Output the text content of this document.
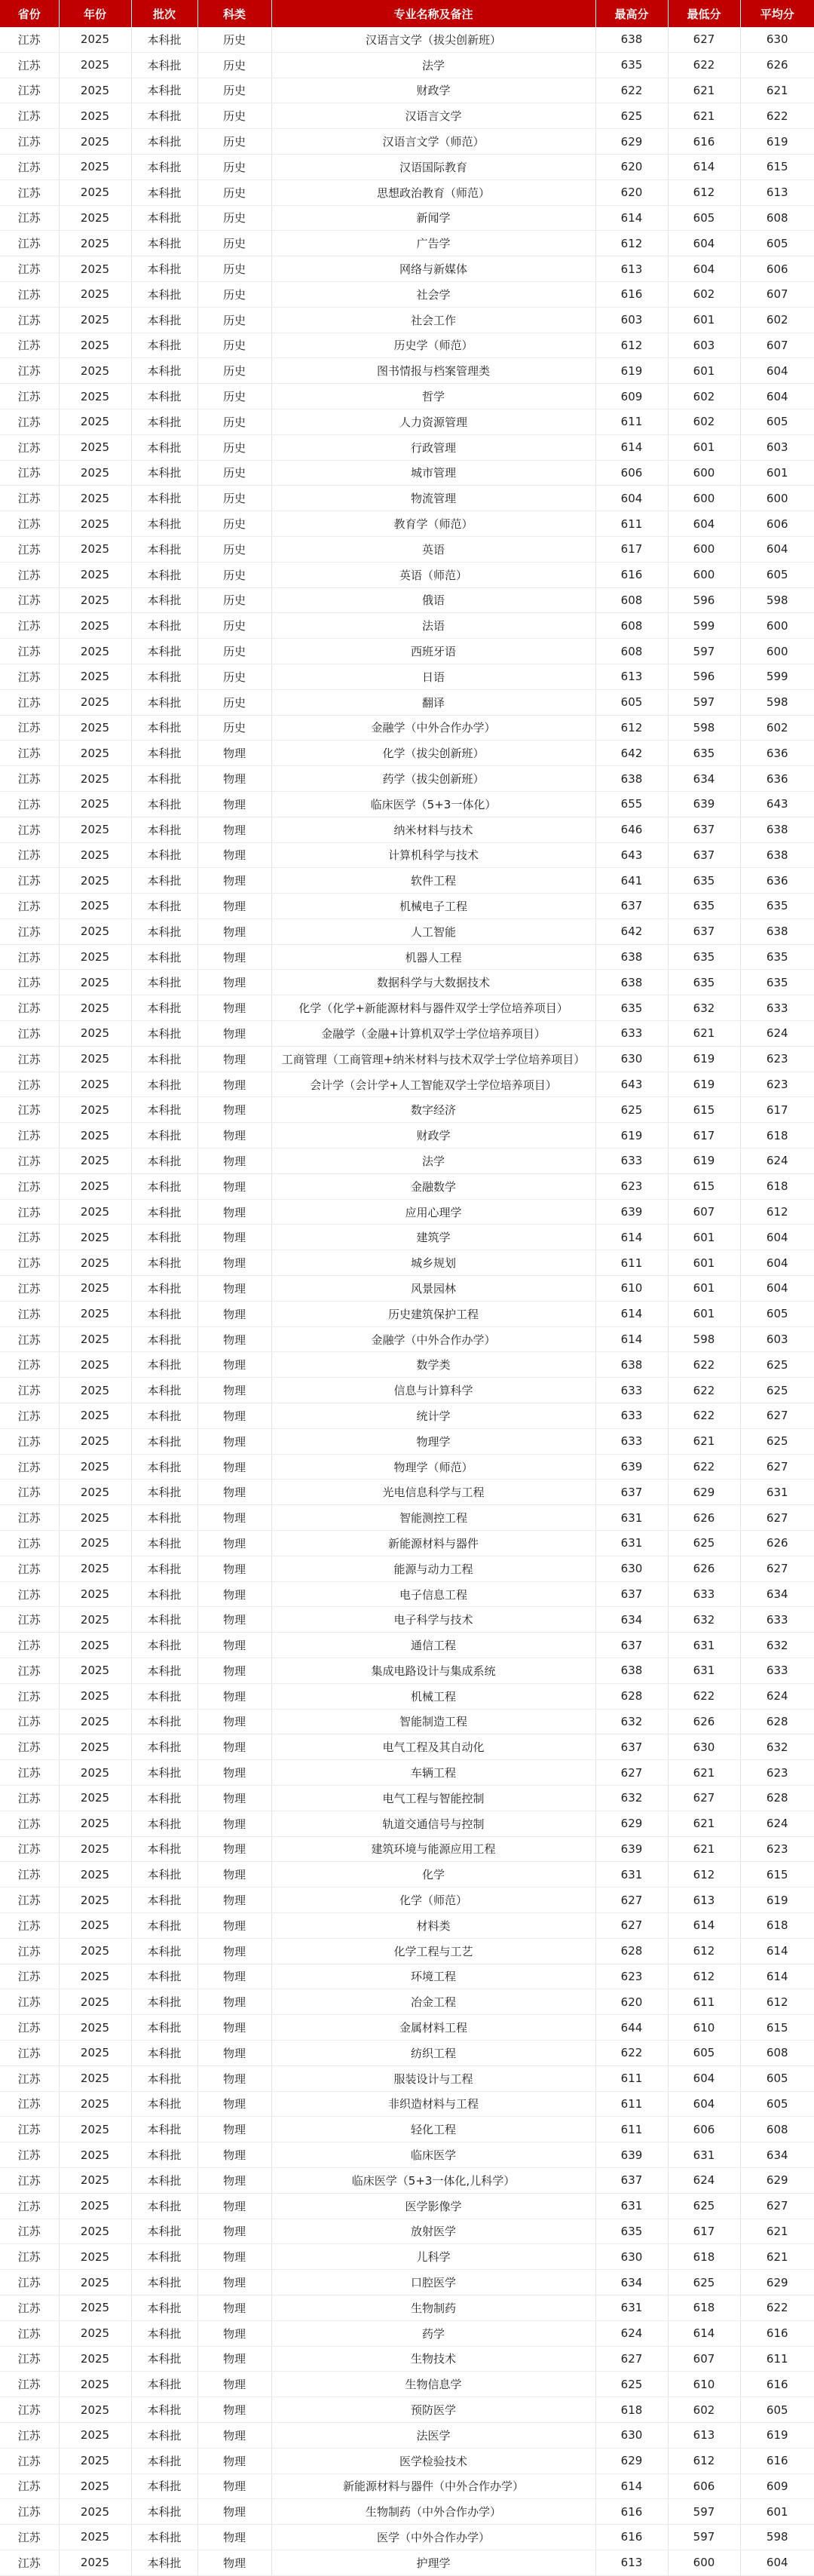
省份	年份	批次	科类	专业名称及备注	最高分	最低分	平均分
江苏	2025	本科批	历史	汉语言文学（拔尖创新班）	638	627	630
江苏	2025	本科批	历史	法学	635	622	626
江苏	2025	本科批	历史	财政学	622	621	621
江苏	2025	本科批	历史	汉语言文学	625	621	622
江苏	2025	本科批	历史	汉语言文学（师范）	629	616	619
江苏	2025	本科批	历史	汉语国际教育	620	614	615
江苏	2025	本科批	历史	思想政治教育（师范）	620	612	613
江苏	2025	本科批	历史	新闻学	614	605	608
江苏	2025	本科批	历史	广告学	612	604	605
江苏	2025	本科批	历史	网络与新媒体	613	604	606
江苏	2025	本科批	历史	社会学	616	602	607
江苏	2025	本科批	历史	社会工作	603	601	602
江苏	2025	本科批	历史	历史学（师范）	612	603	607
江苏	2025	本科批	历史	图书情报与档案管理类	619	601	604
江苏	2025	本科批	历史	哲学	609	602	604
江苏	2025	本科批	历史	人力资源管理	611	602	605
江苏	2025	本科批	历史	行政管理	614	601	603
江苏	2025	本科批	历史	城市管理	606	600	601
江苏	2025	本科批	历史	物流管理	604	600	600
江苏	2025	本科批	历史	教育学（师范）	611	604	606
江苏	2025	本科批	历史	英语	617	600	604
江苏	2025	本科批	历史	英语（师范）	616	600	605
江苏	2025	本科批	历史	俄语	608	596	598
江苏	2025	本科批	历史	法语	608	599	600
江苏	2025	本科批	历史	西班牙语	608	597	600
江苏	2025	本科批	历史	日语	613	596	599
江苏	2025	本科批	历史	翻译	605	597	598
江苏	2025	本科批	历史	金融学（中外合作办学）	612	598	602
江苏	2025	本科批	物理	化学（拔尖创新班）	642	635	636
江苏	2025	本科批	物理	药学（拔尖创新班）	638	634	636
江苏	2025	本科批	物理	临床医学（5+3一体化）	655	639	643
江苏	2025	本科批	物理	纳米材料与技术	646	637	638
江苏	2025	本科批	物理	计算机科学与技术	643	637	638
江苏	2025	本科批	物理	软件工程	641	635	636
江苏	2025	本科批	物理	机械电子工程	637	635	635
江苏	2025	本科批	物理	人工智能	642	637	638
江苏	2025	本科批	物理	机器人工程	638	635	635
江苏	2025	本科批	物理	数据科学与大数据技术	638	635	635
江苏	2025	本科批	物理	化学（化学+新能源材料与器件双学士学位培养项目）	635	632	633
江苏	2025	本科批	物理	金融学（金融+计算机双学士学位培养项目）	633	621	624
江苏	2025	本科批	物理	工商管理（工商管理+纳米材料与技术双学士学位培养项目）	630	619	623
江苏	2025	本科批	物理	会计学（会计学+人工智能双学士学位培养项目）	643	619	623
江苏	2025	本科批	物理	数字经济	625	615	617
江苏	2025	本科批	物理	财政学	619	617	618
江苏	2025	本科批	物理	法学	633	619	624
江苏	2025	本科批	物理	金融数学	623	615	618
江苏	2025	本科批	物理	应用心理学	639	607	612
江苏	2025	本科批	物理	建筑学	614	601	604
江苏	2025	本科批	物理	城乡规划	611	601	604
江苏	2025	本科批	物理	风景园林	610	601	604
江苏	2025	本科批	物理	历史建筑保护工程	614	601	605
江苏	2025	本科批	物理	金融学（中外合作办学）	614	598	603
江苏	2025	本科批	物理	数学类	638	622	625
江苏	2025	本科批	物理	信息与计算科学	633	622	625
江苏	2025	本科批	物理	统计学	633	622	627
江苏	2025	本科批	物理	物理学	633	621	625
江苏	2025	本科批	物理	物理学（师范）	639	622	627
江苏	2025	本科批	物理	光电信息科学与工程	637	629	631
江苏	2025	本科批	物理	智能测控工程	631	626	627
江苏	2025	本科批	物理	新能源材料与器件	631	625	626
江苏	2025	本科批	物理	能源与动力工程	630	626	627
江苏	2025	本科批	物理	电子信息工程	637	633	634
江苏	2025	本科批	物理	电子科学与技术	634	632	633
江苏	2025	本科批	物理	通信工程	637	631	632
江苏	2025	本科批	物理	集成电路设计与集成系统	638	631	633
江苏	2025	本科批	物理	机械工程	628	622	624
江苏	2025	本科批	物理	智能制造工程	632	626	628
江苏	2025	本科批	物理	电气工程及其自动化	637	630	632
江苏	2025	本科批	物理	车辆工程	627	621	623
江苏	2025	本科批	物理	电气工程与智能控制	632	627	628
江苏	2025	本科批	物理	轨道交通信号与控制	629	621	624
江苏	2025	本科批	物理	建筑环境与能源应用工程	639	621	623
江苏	2025	本科批	物理	化学	631	612	615
江苏	2025	本科批	物理	化学（师范）	627	613	619
江苏	2025	本科批	物理	材料类	627	614	618
江苏	2025	本科批	物理	化学工程与工艺	628	612	614
江苏	2025	本科批	物理	环境工程	623	612	614
江苏	2025	本科批	物理	冶金工程	620	611	612
江苏	2025	本科批	物理	金属材料工程	644	610	615
江苏	2025	本科批	物理	纺织工程	622	605	608
江苏	2025	本科批	物理	服装设计与工程	611	604	605
江苏	2025	本科批	物理	非织造材料与工程	611	604	605
江苏	2025	本科批	物理	轻化工程	611	606	608
江苏	2025	本科批	物理	临床医学	639	631	634
江苏	2025	本科批	物理	临床医学（5+3一体化,儿科学）	637	624	629
江苏	2025	本科批	物理	医学影像学	631	625	627
江苏	2025	本科批	物理	放射医学	635	617	621
江苏	2025	本科批	物理	儿科学	630	618	621
江苏	2025	本科批	物理	口腔医学	634	625	629
江苏	2025	本科批	物理	生物制药	631	618	622
江苏	2025	本科批	物理	药学	624	614	616
江苏	2025	本科批	物理	生物技术	627	607	611
江苏	2025	本科批	物理	生物信息学	625	610	616
江苏	2025	本科批	物理	预防医学	618	602	605
江苏	2025	本科批	物理	法医学	630	613	619
江苏	2025	本科批	物理	医学检验技术	629	612	616
江苏	2025	本科批	物理	新能源材料与器件（中外合作办学）	614	606	609
江苏	2025	本科批	物理	生物制药（中外合作办学）	616	597	601
江苏	2025	本科批	物理	医学（中外合作办学）	616	597	598
江苏	2025	本科批	物理	护理学	613	600	604
